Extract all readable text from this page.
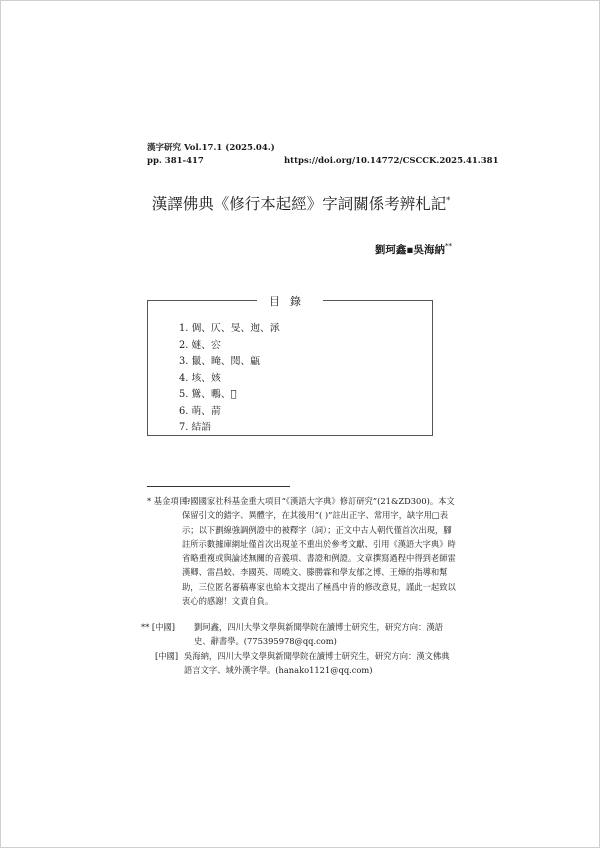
漢字研究 Vol.17.1 (2025.04.)
pp. 381-417	https://doi.org/10.14772/CSCCK.2025.41.381
漢譯佛典《修行本起經》字詞關係考辨札記*
劉珂鑫▪吳海納**
目錄
1. 倜、仄、旻、迿、㴍
2. 㜆、㝐
3. 鬛、䁆、䦎、甂
4. 垓、姟
5. 䳷、䳟、𦫵
6. 萌、葥
7. 結語
* 基金項目:

中國國家社科基金重大項目“《漢語大字典》修訂研究”(21&ZD300)。本文保留引文的錯字、異體字，在其後用“( )”註出正字、常用字，缺字用□表示；以下劃線強調例證中的被釋字（詞）；正文中古人朝代僅首次出現，腳註所示數據庫網址僅首次出現並不重出於參考文獻、引用《漢語大字典》時省略重複或與論述無關的音義項、書證和例證。文章撰寫過程中得到老師雷漢卿、雷昌蛟、李國英、周曉文、滕勝霖和學友郁之博、王燁的指導和幫助，三位匿名審稿專家也給本文提出了極爲中肯的修改意見，謹此一起致以衷心的感謝！文責自負。

** [中國] 劉珂鑫，四川大學文學與新聞學院在讀博士研究生，研究方向：漢語史、辭書學。(775395978@qq.com)

[中國] 吳海納，四川大學文學與新聞學院在讀博士研究生，研究方向：漢文佛典語言文字、域外漢字學。(hanako1121@qq.com)
